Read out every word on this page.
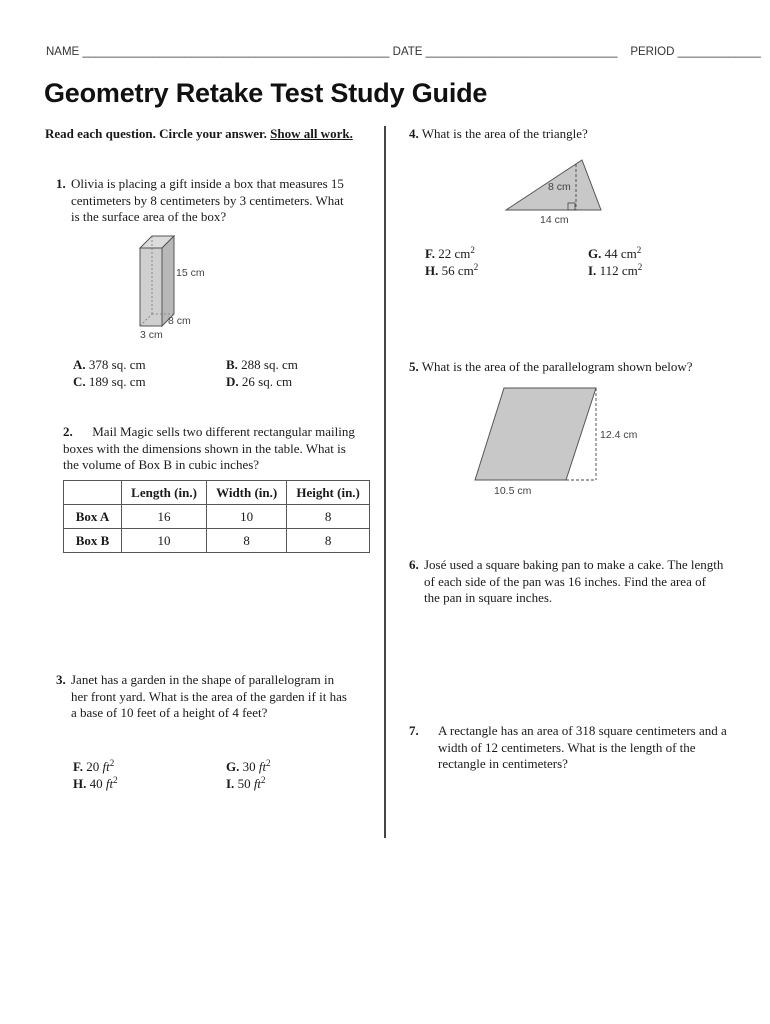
NAME ________________________________________________ DATE ______________________________ PERIOD _____________
Geometry Retake Test Study Guide
Read each question. Circle your answer. Show all work.
1. Olivia is placing a gift inside a box that measures 15 centimeters by 8 centimeters by 3 centimeters. What is the surface area of the box?
15 cm
8 cm
3 cm
A. 378 sq. cm	B. 288 sq. cm
C. 189 sq. cm	D. 26 sq. cm
2. Mail Magic sells two different rectangular mailing boxes with the dimensions shown in the table. What is the volume of Box B in cubic inches?
	Length (in.)	Width (in.)	Height (in.)
Box A	16	10	8
Box B	10	8	8
3. Janet has a garden in the shape of parallelogram in her front yard. What is the area of the garden if it has a base of 10 feet of a height of 4 feet?
F. 20 $ft^2$	G. 30 $ft^2$
H. 40 $ft^2$	I. 50 $ft^2$
4. What is the area of the triangle?
8 cm
14 cm
F. 22 $cm^2$	G. 44 $cm^2$
H. 56 $cm^2$	I. 112 $cm^2$
5. What is the area of the parallelogram shown below?
12.4 cm
10.5 cm
6. José used a square baking pan to make a cake. The length of each side of the pan was 16 inches. Find the area of the pan in square inches.
7. A rectangle has an area of 318 square centimeters and a width of 12 centimeters. What is the length of the rectangle in centimeters?
